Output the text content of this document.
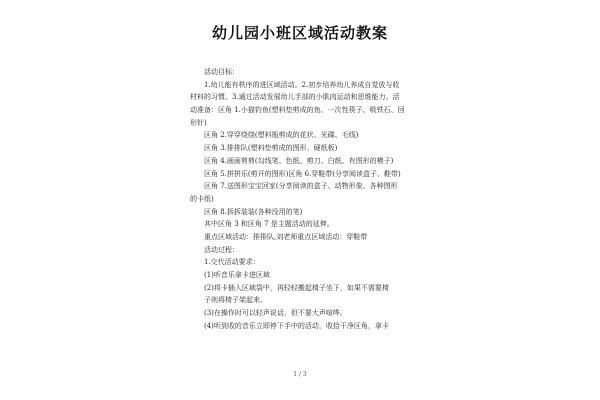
幼儿园小班区域活动教案
活动目标：
1.幼儿能有秩序的进区域活动。2.初步培养幼儿养成自觉放与收
材料的习惯。3.通过活动发展幼儿手部的小肌肉运动和思维能力。活
动准备：区角 1.小猫钓鱼(塑料垫剪成的鱼、一次性筷子、吸铁石、回
形针)
区角 2.穿穿绕绕(塑料瓶剪成的花状、光碟、毛线)
区角 3.排排队(塑料垫剪成的图形、硬纸板)
区角 4.画画剪剪(勾线笔、色纸、剪刀、白纸、有图形的模子)
区角 5.拼拼乐(剪开的图形)区角 6.穿鞋带(分享阅读盒子、鞋带)
区角 7.送图形宝宝回家(分享阅读的盒子、动物形象、各种图形
的卡纸)
区角 8.拆拆装装(各种没用的笔)
其中区角 3 和区角 7 是主题活动的延伸。
重点区域活动：排排队,刘老师重点区域活动：穿鞋带
活动过程：
1.交代活动要求：
(1)听音乐拿卡进区域
(2)将卡插入区域袋中，再轻轻搬起椅子坐下，如果不需要椅
子则将椅子架起来。
(3)在操作时可以轻声说话，但不要大声喧哗。
(4)听到收的音乐立即停下手中的活动，收拾干净区角，拿卡
1 / 3
